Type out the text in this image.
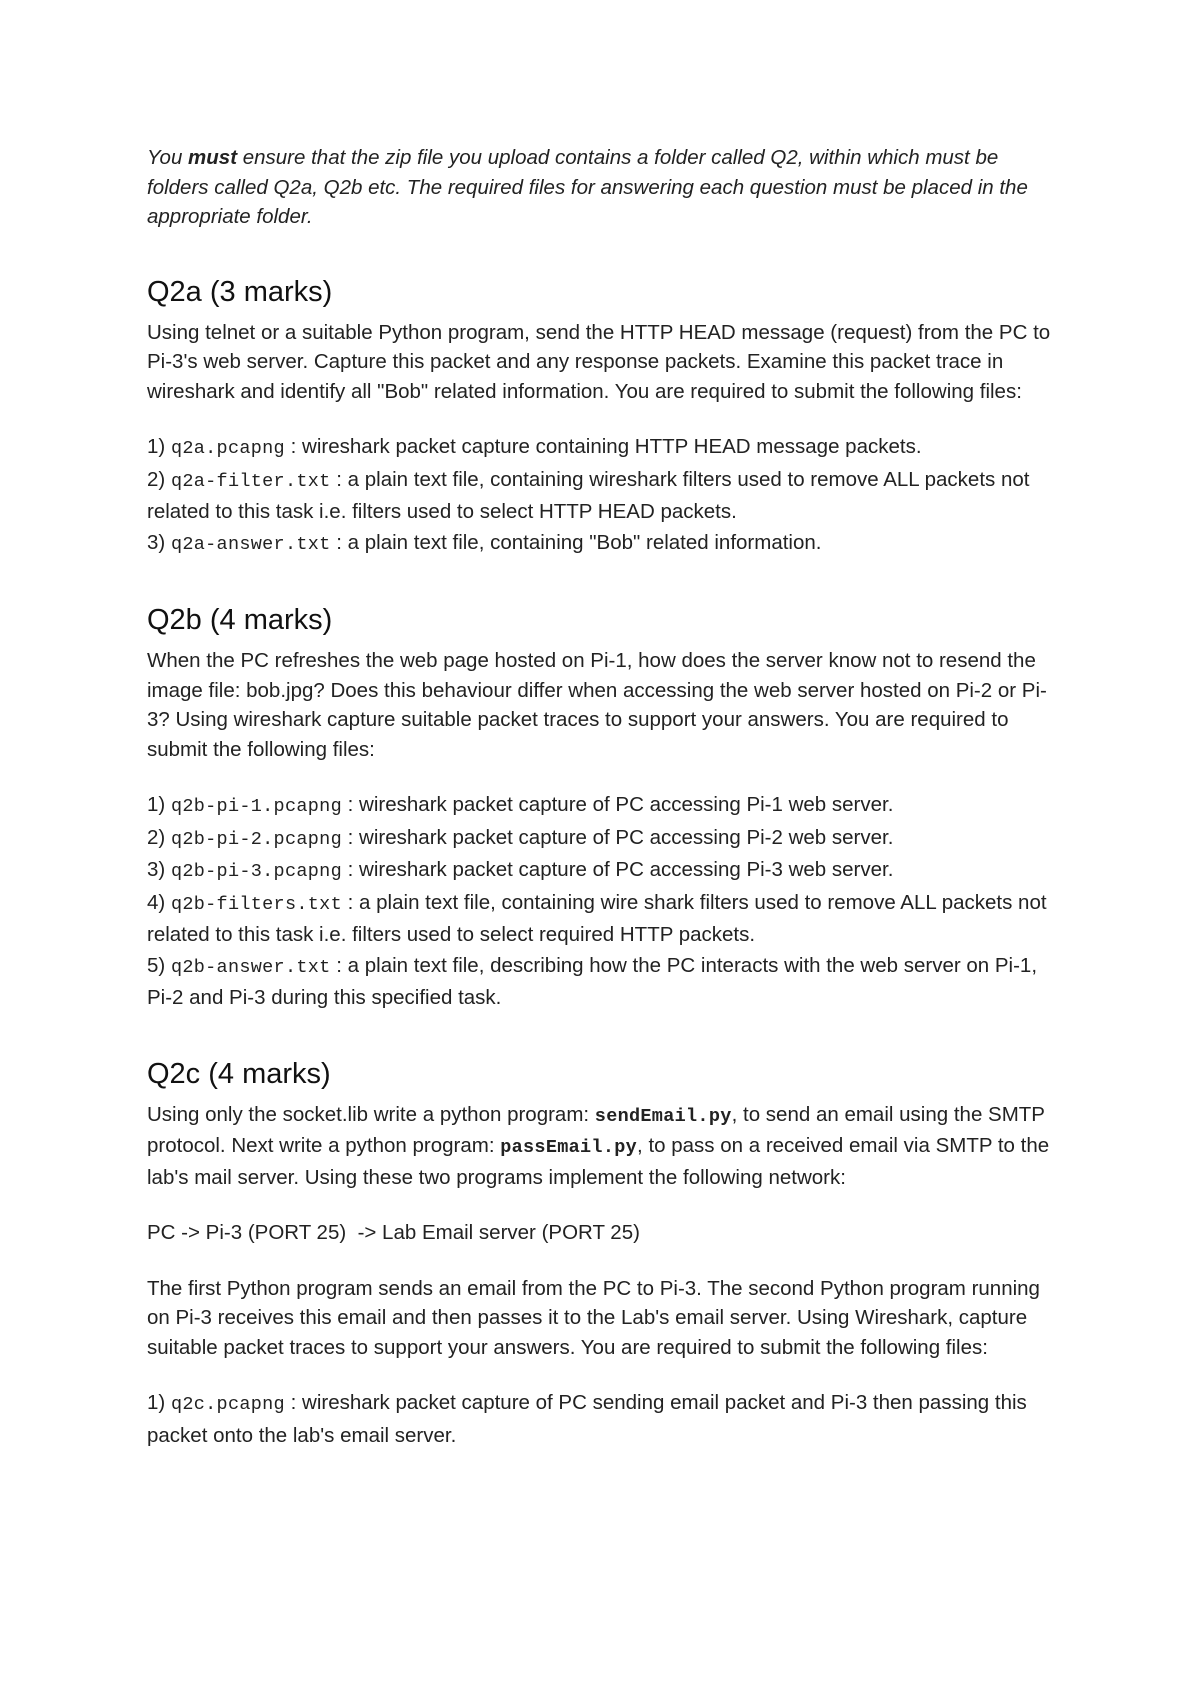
You must ensure that the zip file you upload contains a folder called Q2, within which must be folders called Q2a, Q2b etc. The required files for answering each question must be placed in the appropriate folder.

Q2a (3 marks)

Using telnet or a suitable Python program, send the HTTP HEAD message (request) from the PC to Pi-3's web server. Capture this packet and any response packets. Examine this packet trace in wireshark and identify all "Bob" related information. You are required to submit the following files:

1) q2a.pcapng : wireshark packet capture containing HTTP HEAD message packets.

2) q2a-filter.txt : a plain text file, containing wireshark filters used to remove ALL packets not related to this task i.e. filters used to select HTTP HEAD packets.

3) q2a-answer.txt : a plain text file, containing "Bob" related information.

Q2b (4 marks)

When the PC refreshes the web page hosted on Pi-1, how does the server know not to resend the image file: bob.jpg? Does this behaviour differ when accessing the web server hosted on Pi-2 or Pi-3? Using wireshark capture suitable packet traces to support your answers. You are required to submit the following files:

1) q2b-pi-1.pcapng : wireshark packet capture of PC accessing Pi-1 web server.

2) q2b-pi-2.pcapng : wireshark packet capture of PC accessing Pi-2 web server.

3) q2b-pi-3.pcapng : wireshark packet capture of PC accessing Pi-3 web server.

4) q2b-filters.txt : a plain text file, containing wire shark filters used to remove ALL packets not related to this task i.e. filters used to select required HTTP packets.

5) q2b-answer.txt : a plain text file, describing how the PC interacts with the web server on Pi-1, Pi-2 and Pi-3 during this specified task.

Q2c (4 marks)

Using only the socket.lib write a python program: sendEmail.py, to send an email using the SMTP protocol. Next write a python program: passEmail.py, to pass on a received email via SMTP to the lab's mail server. Using these two programs implement the following network:

PC -> Pi-3 (PORT 25)  -> Lab Email server (PORT 25)

The first Python program sends an email from the PC to Pi-3. The second Python program running on Pi-3 receives this email and then passes it to the Lab's email server. Using Wireshark, capture suitable packet traces to support your answers. You are required to submit the following files:

1) q2c.pcapng : wireshark packet capture of PC sending email packet and Pi-3 then passing this packet onto the lab's email server.
